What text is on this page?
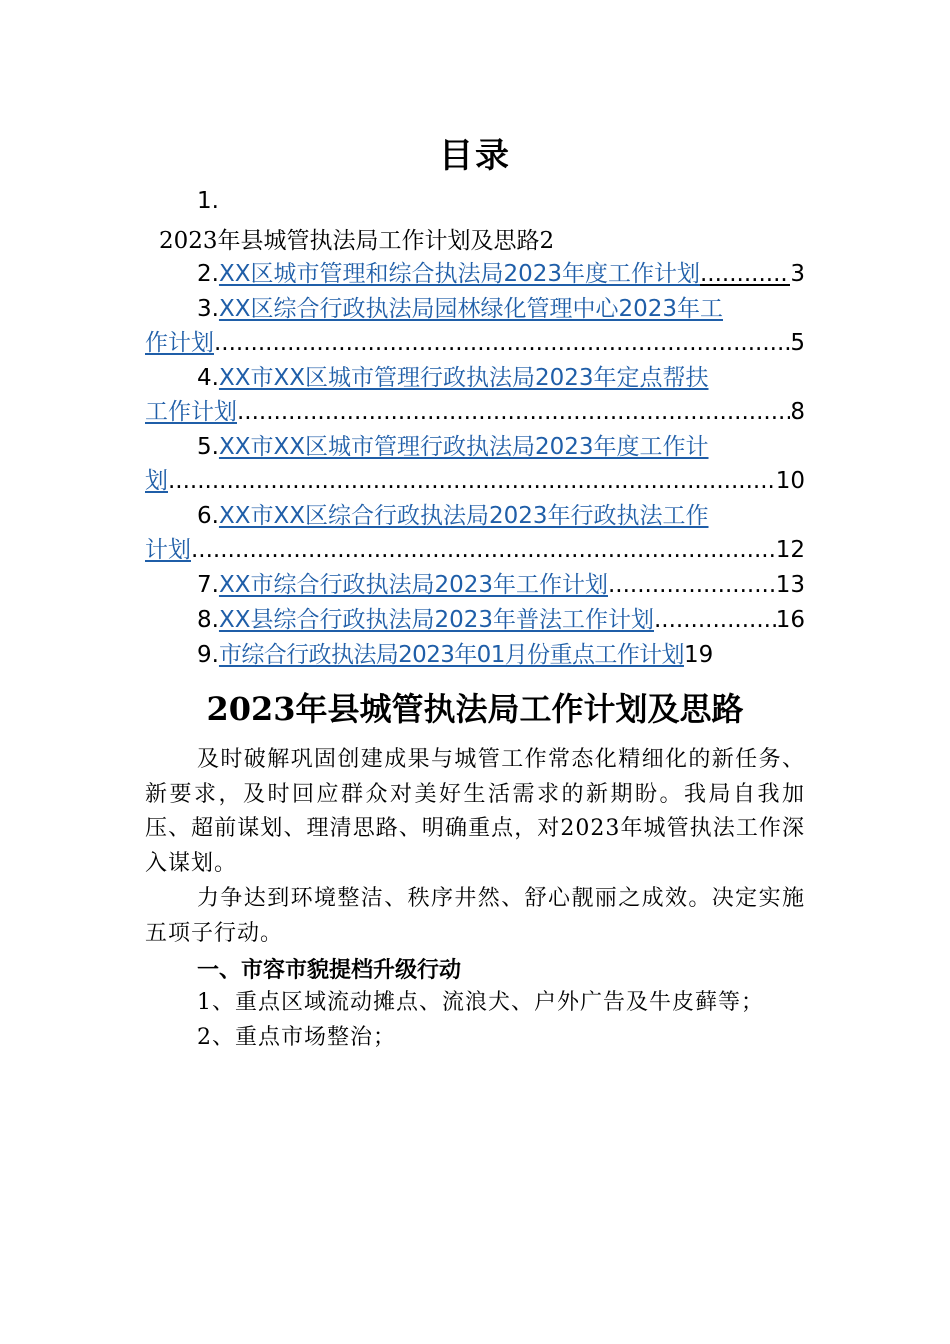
目录
1.
2023年县城管执法局工作计划及思路2
2. XX区城市管理和综合执法局2023年度工作计划 .....	3
3.XX区综合行政执法局园林绿化管理中心2023年工
作计划 .....	5
4.XX市XX区城市管理行政执法局2023年定点帮扶
工作计划 .....	8
5.XX市XX区城市管理行政执法局2023年度工作计
划 .....	10
6.XX市XX区综合行政执法局2023年行政执法工作
计划 .....	12
7. XX市综合行政执法局2023年工作计划 .....	13
8. XX县综合行政执法局2023年普法工作计划 .....	16
9. 市综合行政执法局2023年01月份重点工作计划 19
2023年县城管执法局工作计划及思路
及时破解巩固创建成果与城管工作常态化精细化的新任务、新要求，及时回应群众对美好生活需求的新期盼。我局自我加压、超前谋划、理清思路、明确重点，对2023年城管执法工作深入谋划。
力争达到环境整洁、秩序井然、舒心靓丽之成效。决定实施五项子行动。
一、市容市貌提档升级行动
1、重点区域流动摊点、流浪犬、户外广告及牛皮藓等；
2、重点市场整治；
